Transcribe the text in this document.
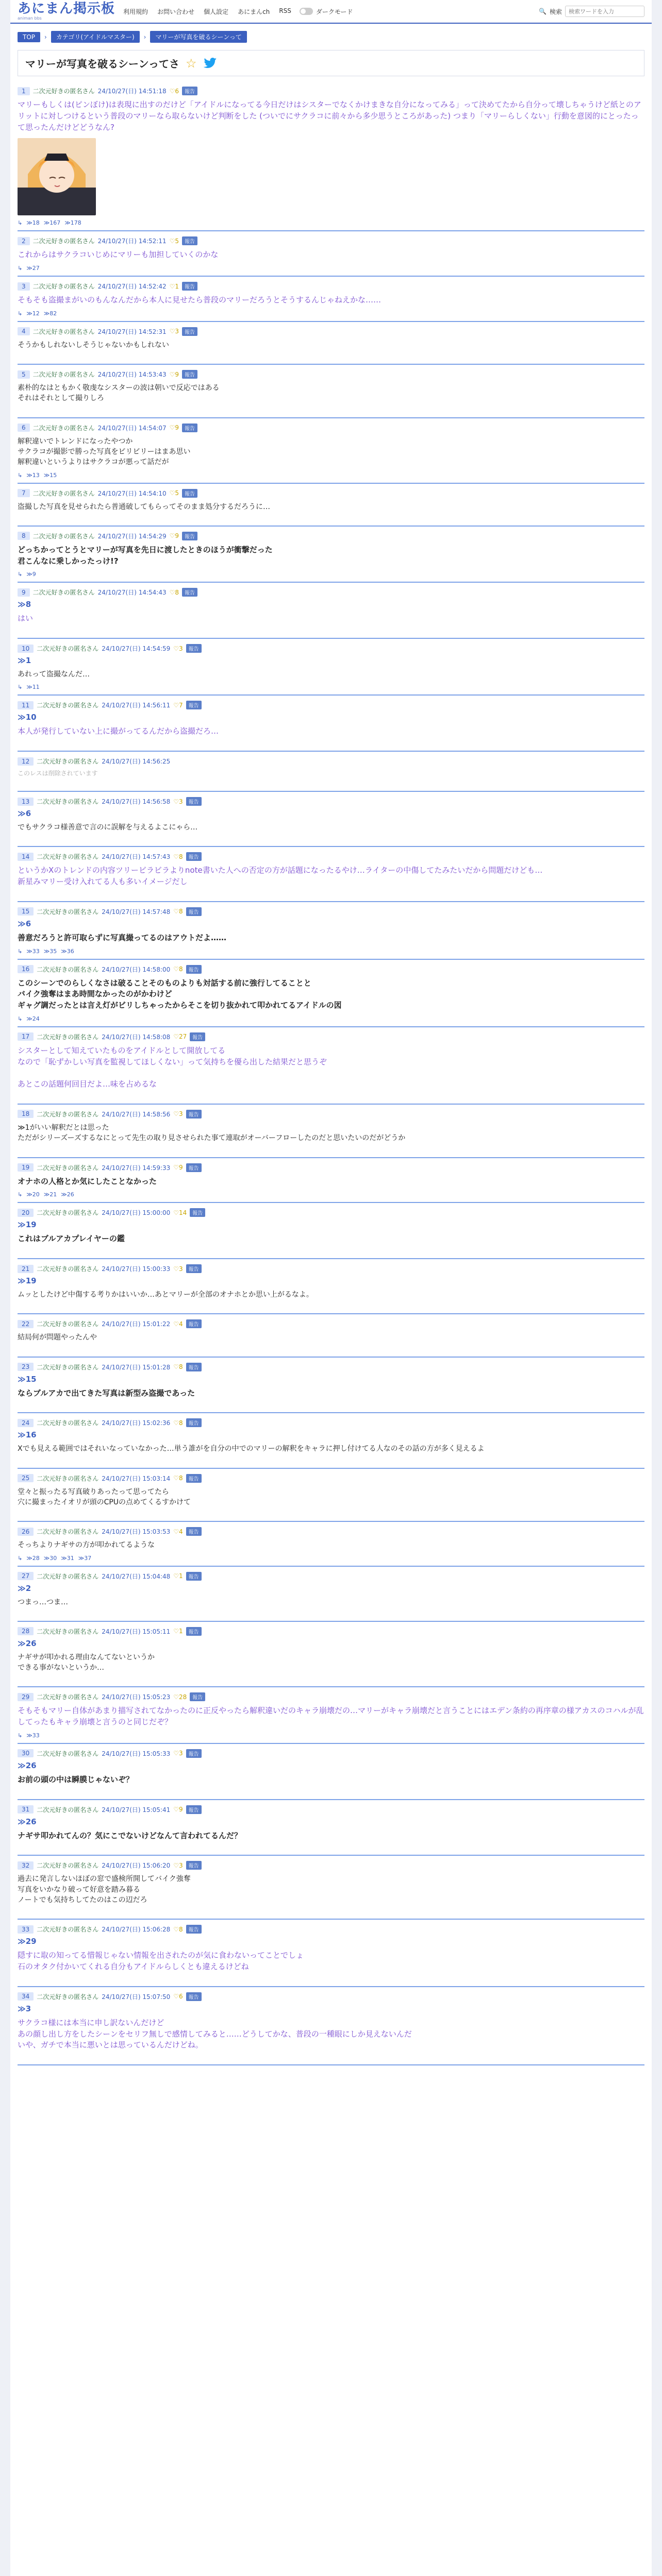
あにまん掲示板
animan bbs
利用規約 お問い合わせ 個人設定 あにまんch RSS	ダークモード	🔍 検索
検索ワードを入力
TOP	›	カテゴリ(アイドルマスター)	›	マリーが写真を破るシーンって
マリーが写真を破るシーンってさ ☆
1	二次元好きの匿名さん 24/10/27(日) 14:51:18 ♡6	報告
マリーもしくは(ピンぼけ)は表現に出すのだけど「アイドルになってる今日だけはシスターでなくかけまきな自分になってみる」って決めてたから自分って壊しちゃうけど紙とのアリットに対しつけるという普段のマリーなら取らないけど判断をした (ついでにサクラコに前々から多少思うところがあった) つまり「マリーらしくない」行動を意図的にとったって思ったんだけどどうなん?
↳ ≫18 ≫167 ≫178
2	二次元好きの匿名さん 24/10/27(日) 14:52:11 ♡5	報告
これからはサクラコいじめにマリーも加担していくのかな
↳ ≫27
3	二次元好きの匿名さん 24/10/27(日) 14:52:42 ♡1	報告
そもそも盗撮まがいのもんなんだから本人に見せたら普段のマリーだろうとそうするんじゃねえかな……
↳ ≫12 ≫82
4	二次元好きの匿名さん 24/10/27(日) 14:52:31 ♡3	報告
そうかもしれないしそうじゃないかもしれない
5	二次元好きの匿名さん 24/10/27(日) 14:53:43 ♡9	報告
素朴的なはともかく敬虔なシスターの波は朝いで反応ではある
それはそれとして撮りしろ
6	二次元好きの匿名さん 24/10/27(日) 14:54:07 ♡9	報告
解釈違いでトレンドになったやつか
サクラコが撮影で勝った写真をビリビリーはまあ思い
解釈違いというよりはサクラコが悪って話だが
↳ ≫13 ≫15
7	二次元好きの匿名さん 24/10/27(日) 14:54:10 ♡5	報告
盗撮した写真を見せられたら普通破してもらってそのまま処分するだろうに…
8	二次元好きの匿名さん 24/10/27(日) 14:54:29 ♡9	報告
どっちかってとうとマリーが写真を先日に渡したときのほうが衝撃だった
君こんなに乗しかったっけ!?
↳ ≫9
9	二次元好きの匿名さん 24/10/27(日) 14:54:43 ♡8	報告
≫8
はい
10	二次元好きの匿名さん 24/10/27(日) 14:54:59 ♡3	報告
≫1
あれって盗撮なんだ…
↳ ≫11
11	二次元好きの匿名さん 24/10/27(日) 14:56:11 ♡7	報告
≫10
本人が発行していない上に撮がってるんだから盗撮だろ…
12	二次元好きの匿名さん 24/10/27(日) 14:56:25
このレスは削除されています
13	二次元好きの匿名さん 24/10/27(日) 14:56:58 ♡3	報告
≫6
でもサクラコ様善意で言のに誤解を与えるよこにゃら…
14	二次元好きの匿名さん 24/10/27(日) 14:57:43 ♡8	報告
というかXのトレンドの内容ツリービラビラよりnote書いた人への否定の方が話題になったるやけ…ライターの中傷してたみたいだから問題だけども…
新星みマリー受け入れてる人も多いイメージだし
15	二次元好きの匿名さん 24/10/27(日) 14:57:48 ♡8	報告
≫6
善意だろうと許可取らずに写真撮ってるのはアウトだよ……
↳ ≫33 ≫35 ≫36
16	二次元好きの匿名さん 24/10/27(日) 14:58:00 ♡8	報告
このシーンでのらしくなさは破ることそのものよりも対話する前に強行してることと
バイク強奪はまあ時間なかったのがかわけど
ギャグ調だったとは言え灯がビリしちゃったからそこを切り抜かれて叩かれてるアイドルの図
↳ ≫24
17	二次元好きの匿名さん 24/10/27(日) 14:58:08 ♡27	報告
シスターとして知えていたものをアイドルとして開放してる
なので「恥ずかしい写真を監視してほしくない」って気持ちを優ら出した結果だと思うぞ

あとこの話題何回目だよ…味を占めるな
18	二次元好きの匿名さん 24/10/27(日) 14:58:56 ♡3	報告
≫1がいい解釈だとは思った
ただがシリーズーズするなにとって先生の取り見させられた事て連取がオーバーフローしたのだと思いたいのだがどうか
19	二次元好きの匿名さん 24/10/27(日) 14:59:33 ♡9	報告
オナホの人格とか気にしたことなかった
↳ ≫20 ≫21 ≫26
20	二次元好きの匿名さん 24/10/27(日) 15:00:00 ♡14	報告
≫19
これはブルアカプレイヤーの鑑
21	二次元好きの匿名さん 24/10/27(日) 15:00:33 ♡3	報告
≫19
ムッとしたけど中傷する考りかはいいか…あとマリーが全部のオナホとか思い上がるなよ。
22	二次元好きの匿名さん 24/10/27(日) 15:01:22 ♡4	報告
結局何が問題やったんや
23	二次元好きの匿名さん 24/10/27(日) 15:01:28 ♡8	報告
≫15
ならブルアカで出てきた写真は新型み盗撮であった
24	二次元好きの匿名さん 24/10/27(日) 15:02:36 ♡8	報告
≫16
Xでも見える範囲ではそれいなっていなかった…単う誰がを自分の中でのマリーの解釈をキャラに押し付けてる人なのその話の方が多く見えるよ
25	二次元好きの匿名さん 24/10/27(日) 15:03:14 ♡8	報告
堂々と振ったる写真破りあったって思ってたら
穴に撮まったイオリが頭のCPUの点めてくるすかけて
26	二次元好きの匿名さん 24/10/27(日) 15:03:53 ♡4	報告
そっちよりナギサの方が叩かれてるような
↳ ≫28 ≫30 ≫31 ≫37
27	二次元好きの匿名さん 24/10/27(日) 15:04:48 ♡1	報告
≫2
つまっ…つま…
28	二次元好きの匿名さん 24/10/27(日) 15:05:11 ♡1	報告
≫26
ナギサが叩かれる理由なんてないというか
できる事がないというか…
29	二次元好きの匿名さん 24/10/27(日) 15:05:23 ♡28	報告
そもそもマリー自体があまり描写されてなかったのに正反やったら解釈違いだのキャラ崩壊だの…マリーがキャラ崩壊だと言うことにはエデン条約の再序章の様アカスのコハルが乱してったもキャラ崩壊と言うのと同じだぞ？
↳ ≫33
30	二次元好きの匿名さん 24/10/27(日) 15:05:33 ♡3	報告
≫26
お前の頭の中は瞬膜じゃないぞ？
31	二次元好きの匿名さん 24/10/27(日) 15:05:41 ♡9	報告
≫26
ナギサ叩かれてんの？気にこでないけどなんて言われてるんだ？
32	二次元好きの匿名さん 24/10/27(日) 15:06:20 ♡3	報告
過去に発言しないほぼの窓で盛検所開してバイク強奪
写真をいかなり破って好意を踏み暮る
ノートでも気持ちしてたのはこの辺だろ
33	二次元好きの匿名さん 24/10/27(日) 15:06:28 ♡8	報告
≫29
隠すに取の知ってる惜報じゃない情報を出されたのが気に食わないってことでしょ
石のオタク付かいてくれる自分もアイドルらしくとも違えるけどね
34	二次元好きの匿名さん 24/10/27(日) 15:07:50 ♡6	報告
≫3
サクラコ様には本当に申し訳ないんだけど
あの顔し出し方をしたシーンをセリフ無しで感情してみると……どうしてかな、普段の一種眼にしか見えないんだ
いや、ガチで本当に悪いとは思っているんだけどね。
